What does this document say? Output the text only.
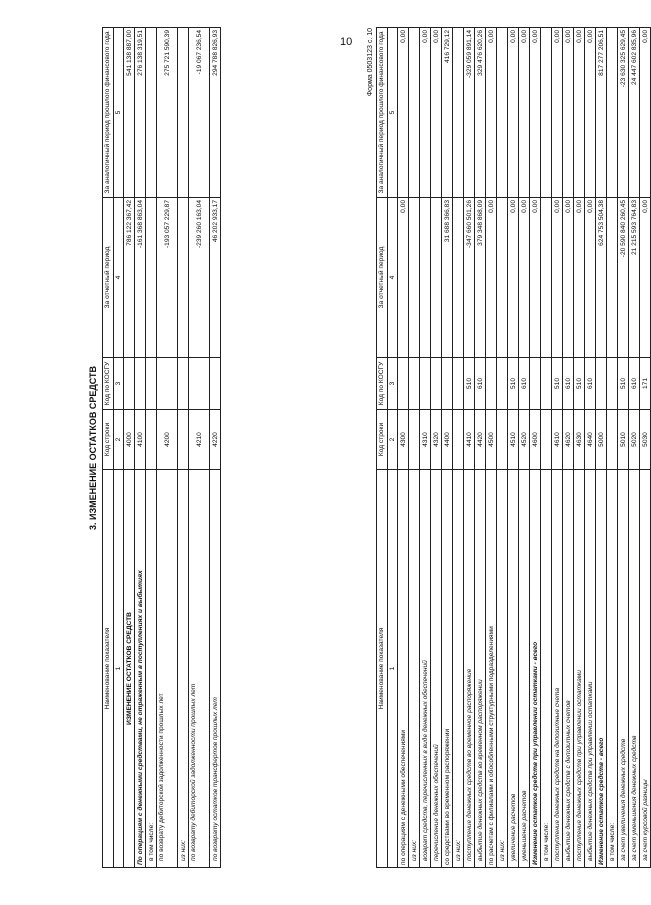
10
3. ИЗМЕНЕНИЕ ОСТАТКОВ СРЕДСТВ
Наименование показателя	Код строки	Код по КОСГУ	За отчетный период	За аналогичный период прошлого финансового года
1	2	3	4	5
ИЗМЕНЕНИЕ ОСТАТКОВ СРЕДСТВ	4000		786 122 367,42	541 138 887,00
По операциям с денежными средствами, не отраженным в поступлениях и выбытиях	4100		-161 368 863,04	276 138 319,51
в том числе:				
по возврату дебиторской задолженности прошлых лет	4200		-193 057 229,87	275 721 590,39
из них:				
по возврату дебиторской задолженности прошлых лет	4210		-239 260 163,04	-19 067 236,54
по возврату остатков трансфертов прошлых лет	4220		46 202 933,17	294 788 826,93	Форма 0503123 с. 10
Наименование показателя	Код строки	Код по КОСГУ	За отчетный период	За аналогичный период прошлого финансового года
1	2	3	4	5
по операциям с денежными обеспечениями	4300		0,00	0,00
из них:				
возврат средств, перечисленных в виде денежных обеспечений	4310			0,00
перечисление денежных обеспечений	4320			0,00
со средствами во временном распоряжении	4400		31 688 366,83	416 729,12
из них:				
поступление денежных средств во временное распоряжение	4410	510	-347 660 501,26	-329 059 891,14
выбытие денежных средств во временном распоряжении	4420	610	379 348 868,09	329 476 620,26
по расчетам с филиалами и обособленными структурными подразделениями	4500		0,00	0,00
из них:				
увеличение расчетов	4510	510	0,00	0,00
уменьшение расчетов	4520	610	0,00	0,00
Изменение остатков средств при управлении остатками - всего	4600		0,00	0,00
в том числе:				
поступление денежных средств на депозитные счета	4610	510	0,00	0,00
выбытие денежных средств с депозитных счетов	4620	610	0,00	0,00
поступление денежных средств при управлении остатками	4630	510	0,00	0,00
выбытие денежных средств при управлении остатками	4640	610	0,00	0,00
Изменение остатков средств - всего	5000		624 753 504,38	817 277 206,51
в том числе:				
за счет увеличения денежных средств	5010	510	-20 590 840 260,45	-23 630 325 629,45
за счет уменьшения денежных средств	5020	610	21 215 593 764,83	24 447 602 835,96
за счет курсовой разницы	5030	171	0,00	0,00
